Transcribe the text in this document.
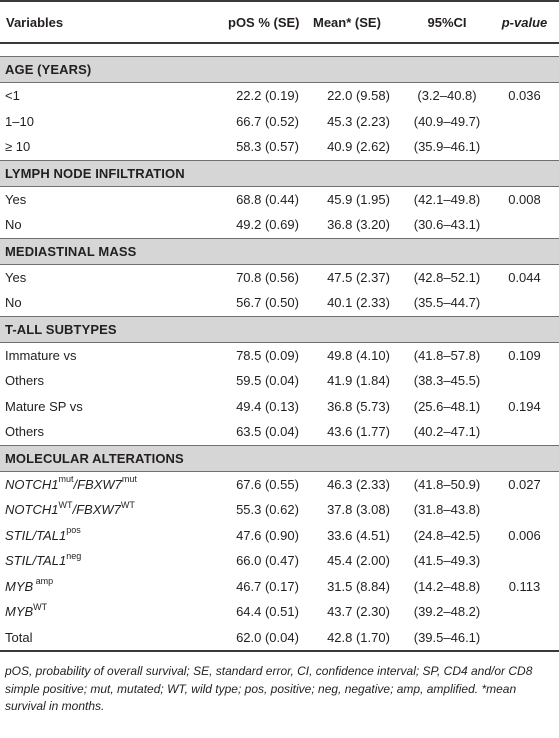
Variables	pOS % (SE)	Mean* (SE)	95%CI	p-value

AGE (YEARS)				
<1	22.2 (0.19)	22.0 (9.58)	(3.2–40.8)	0.036
1–10	66.7 (0.52)	45.3 (2.23)	(40.9–49.7)	
≥ 10	58.3 (0.57)	40.9 (2.62)	(35.9–46.1)	
LYMPH NODE INFILTRATION				
Yes	68.8 (0.44)	45.9 (1.95)	(42.1–49.8)	0.008
No	49.2 (0.69)	36.8 (3.20)	(30.6–43.1)	
MEDIASTINAL MASS				
Yes	70.8 (0.56)	47.5 (2.37)	(42.8–52.1)	0.044
No	56.7 (0.50)	40.1 (2.33)	(35.5–44.7)	
T-ALL SUBTYPES				
Immature vs	78.5 (0.09)	49.8 (4.10)	(41.8–57.8)	0.109
Others	59.5 (0.04)	41.9 (1.84)	(38.3–45.5)	
Mature SP vs	49.4 (0.13)	36.8 (5.73)	(25.6–48.1)	0.194
Others	63.5 (0.04)	43.6 (1.77)	(40.2–47.1)	
MOLECULAR ALTERATIONS				
$NOTCH1^{mut}/FBXW7^{mut}$	67.6 (0.55)	46.3 (2.33)	(41.8–50.9)	0.027
$NOTCH1^{WT}/FBXW7^{WT}$	55.3 (0.62)	37.8 (3.08)	(31.8–43.8)	
STIL/$TAL1^{pos}$	47.6 (0.90)	33.6 (4.51)	(24.8–42.5)	0.006
STIL/$TAL1^{neg}$	66.0 (0.47)	45.4 (2.00)	(41.5–49.3)	
MYB $^{amp}$	46.7 (0.17)	31.5 (8.84)	(14.2–48.8)	0.113
$MYB^{WT}$	64.4 (0.51)	43.7 (2.30)	(39.2–48.2)	
Total	62.0 (0.04)	42.8 (1.70)	(39.5–46.1)	
pOS, probability of overall survival; SE, standard error, CI, confidence interval; SP, CD4 and/or CD8 simple positive; mut, mutated; WT, wild type; pos, positive; neg, negative; amp, amplified. *mean survival in months.
